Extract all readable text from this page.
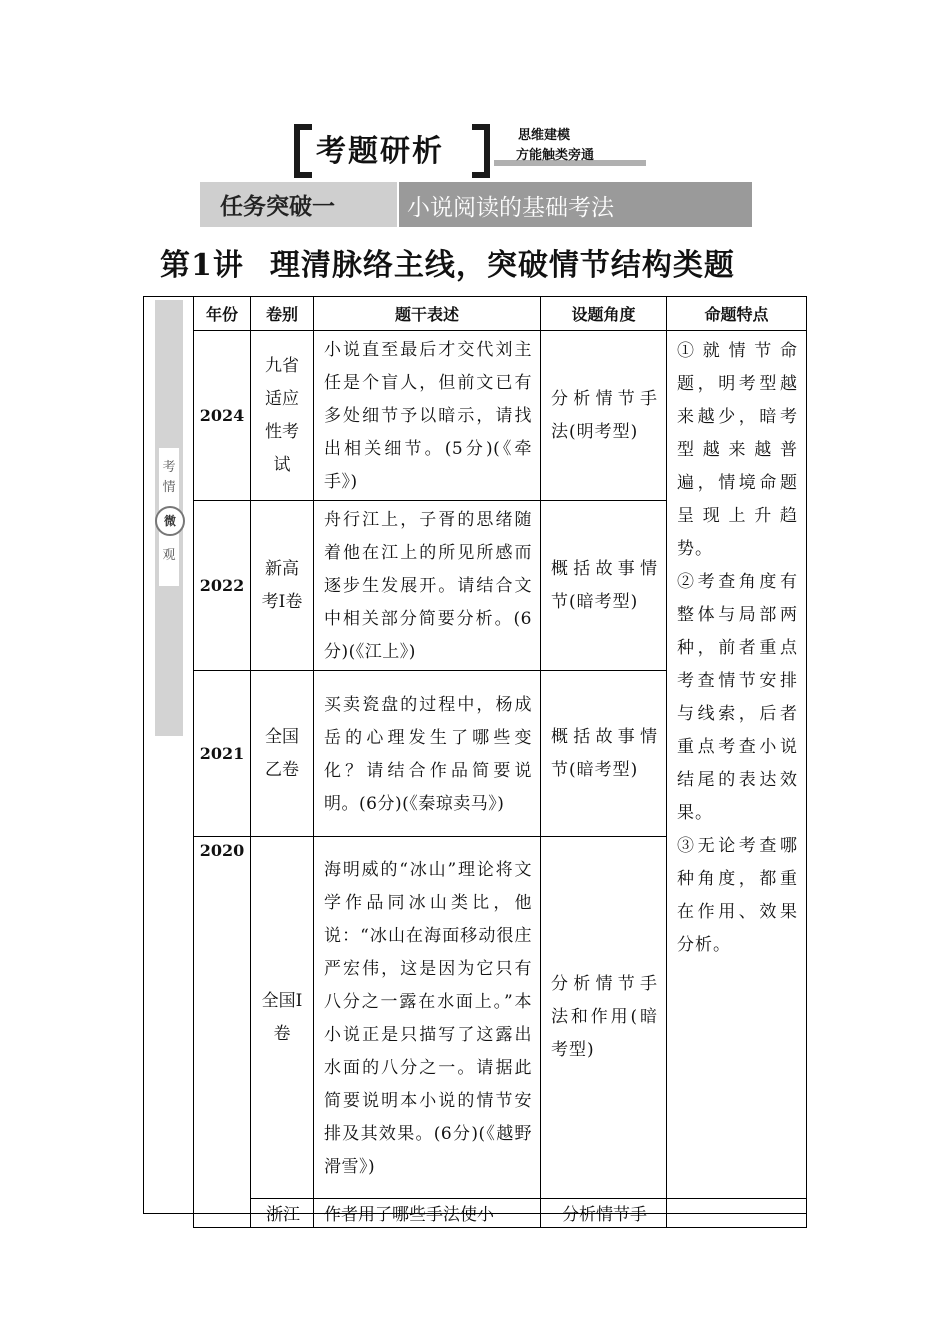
考题研析	思维建模
方能触类旁通
任务突破一	小说阅读的基础考法
第1讲 理清脉络主线，突破情节结构类题
考
情
微
观
年份	卷别	题干表述	设题角度	命题特点
2024	九省适应性考试	小说直至最后才交代刘主任是个盲人，但前文已有多处细节予以暗示，请找出相关细节。(5分)(《牵手》)	分析情节手法(明考型)	①就情节命题，明考型越来越少，暗考型越来越普遍，情境命题呈现上升趋势。

②考查角度有整体与局部两种，前者重点考查情节安排与线索，后者重点考查小说结尾的表达效果。

③无论考查哪种角度，都重在作用、效果分析。

2022	新高考Ⅰ卷	舟行江上，子胥的思绪随着他在江上的所见所感而逐步生发展开。请结合文中相关部分简要分析。(6分)(《江上》)	概括故事情节(暗考型)	
2021	全国乙卷	买卖瓷盘的过程中，杨成岳的心理发生了哪些变化？请结合作品简要说明。(6分)(《秦琼卖马》)	概括故事情节(暗考型)	
2020	全国Ⅰ卷	海明威的“冰山”理论将文学作品同冰山类比，他说：“冰山在海面移动很庄严宏伟，这是因为它只有八分之一露在水面上。”本小说正是只描写了这露出水面的八分之一。请据此简要说明本小说的情节安排及其效果。(6分)(《越野滑雪》)	分析情节手法和作用(暗考型)	
	浙江	作者用了哪些手法使小	分析情节手	
